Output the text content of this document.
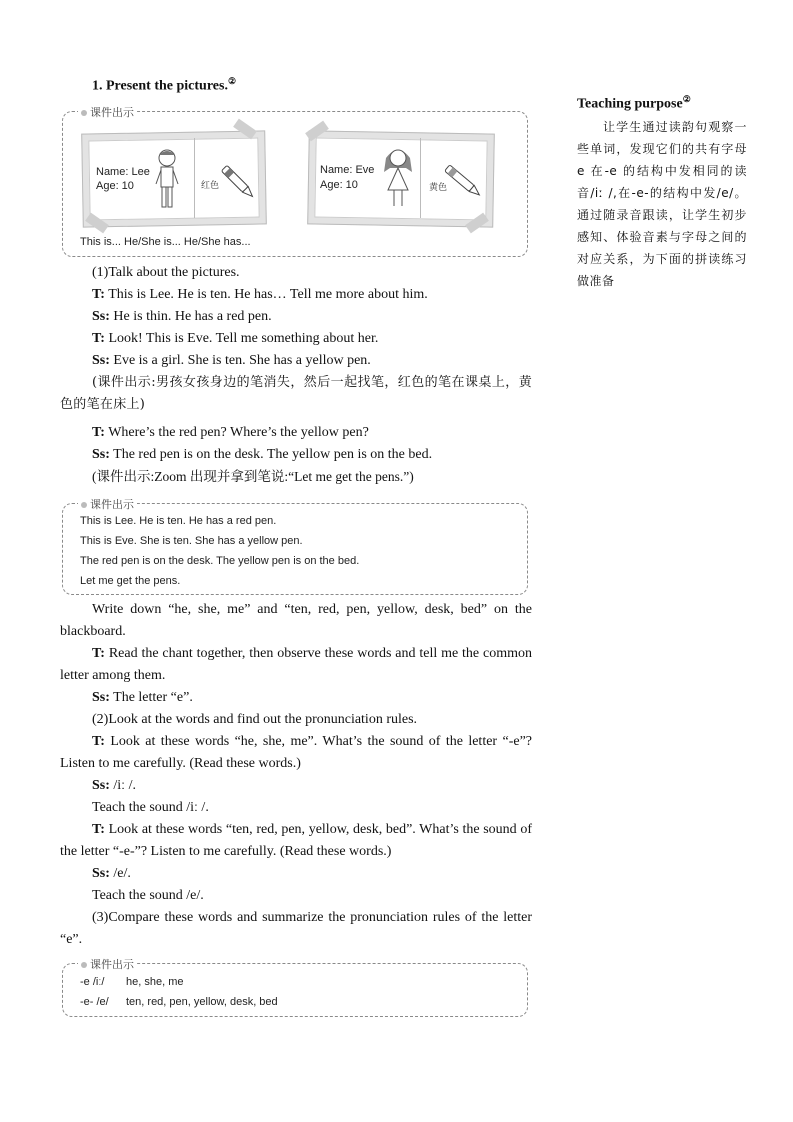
1. Present the pictures.②
课件出示
Name: Lee
Age: 10	红色
Name: Eve
Age: 10	黄色
This is... He/She is... He/She has...
(1)Talk about the pictures.
T: This is Lee. He is ten. He has… Tell me more about him.
Ss: He is thin. He has a red pen.
T: Look! This is Eve. Tell me something about her.
Ss: Eve is a girl. She is ten. She has a yellow pen.
(课件出示:男孩女孩身边的笔消失，然后一起找笔，红色的笔在课桌上，黄色的笔在床上)
T: Where’s the red pen? Where’s the yellow pen?
Ss: The red pen is on the desk. The yellow pen is on the bed.
(课件出示:Zoom 出现并拿到笔说:“Let me get the pens.”)
课件出示
This is Lee. He is ten. He has a red pen.
This is Eve. She is ten. She has a yellow pen.
The red pen is on the desk. The yellow pen is on the bed.
Let me get the pens.
Write down “he, she, me” and “ten, red, pen, yellow, desk, bed” on the blackboard.
T: Read the chant together, then observe these words and tell me the common letter among them.
Ss: The letter “e”.
(2)Look at the words and find out the pronunciation rules.
T: Look at these words “he, she, me”. What’s the sound of the letter “-e”? Listen to me carefully. (Read these words.)
Ss: /iː /.
Teach the sound /iː /.
T: Look at these words “ten, red, pen, yellow, desk, bed”. What’s the sound of the letter “-e-”? Listen to me carefully. (Read these words.)
Ss: /e/.
Teach the sound /e/.
(3)Compare these words and summarize the pronunciation rules of the letter “e”.
课件出示
-e /iː/ he, she, me
-e- /e/ ten, red, pen, yellow, desk, bed
Teaching purpose②
让学生通过读韵句观察一些单词，发现它们的共有字母 e 在-e 的结构中发相同的读音/iː /,在-e-的结构中发/e/。通过随录音跟读，让学生初步感知、体验音素与字母之间的对应关系，为下面的拼读练习做准备
